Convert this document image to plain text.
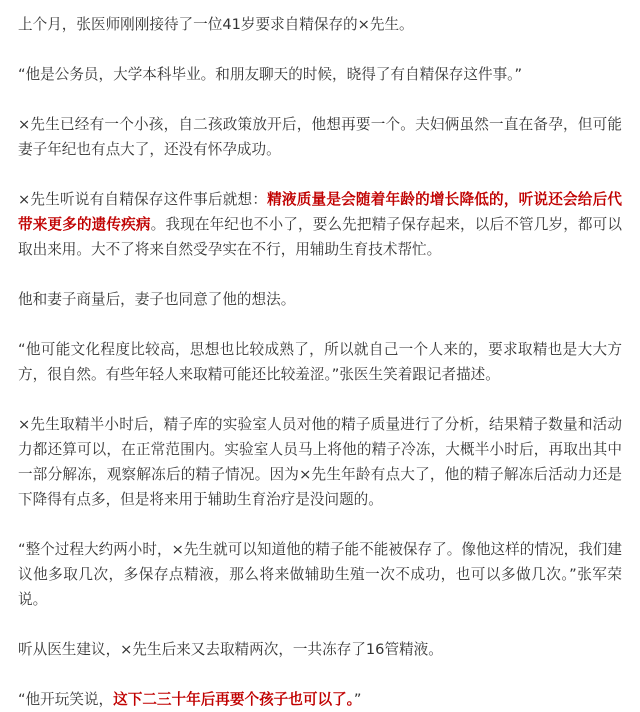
上个月，张医师刚刚接待了一位41岁要求自精保存的×先生。

“他是公务员，大学本科毕业。和朋友聊天的时候，晓得了有自精保存这件事。”

×先生已经有一个小孩，自二孩政策放开后，他想再要一个。夫妇俩虽然一直在备孕，但可能妻子年纪也有点大了，还没有怀孕成功。

×先生听说有自精保存这件事后就想：精液质量是会随着年龄的增长降低的，听说还会给后代带来更多的遗传疾病。我现在年纪也不小了，要么先把精子保存起来，以后不管几岁，都可以取出来用。大不了将来自然受孕实在不行，用辅助生育技术帮忙。

他和妻子商量后，妻子也同意了他的想法。

“他可能文化程度比较高，思想也比较成熟了，所以就自己一个人来的，要求取精也是大大方方，很自然。有些年轻人来取精可能还比较羞涩。”张医生笑着跟记者描述。

×先生取精半小时后，精子库的实验室人员对他的精子质量进行了分析，结果精子数量和活动力都还算可以，在正常范围内。实验室人员马上将他的精子冷冻，大概半小时后，再取出其中一部分解冻，观察解冻后的精子情况。因为×先生年龄有点大了，他的精子解冻后活动力还是下降得有点多，但是将来用于辅助生育治疗是没问题的。

“整个过程大约两小时，×先生就可以知道他的精子能不能被保存了。像他这样的情况，我们建议他多取几次，多保存点精液，那么将来做辅助生殖一次不成功，也可以多做几次。”张军荣说。

听从医生建议，×先生后来又去取精两次，一共冻存了16管精液。

“他开玩笑说，这下二三十年后再要个孩子也可以了。”
